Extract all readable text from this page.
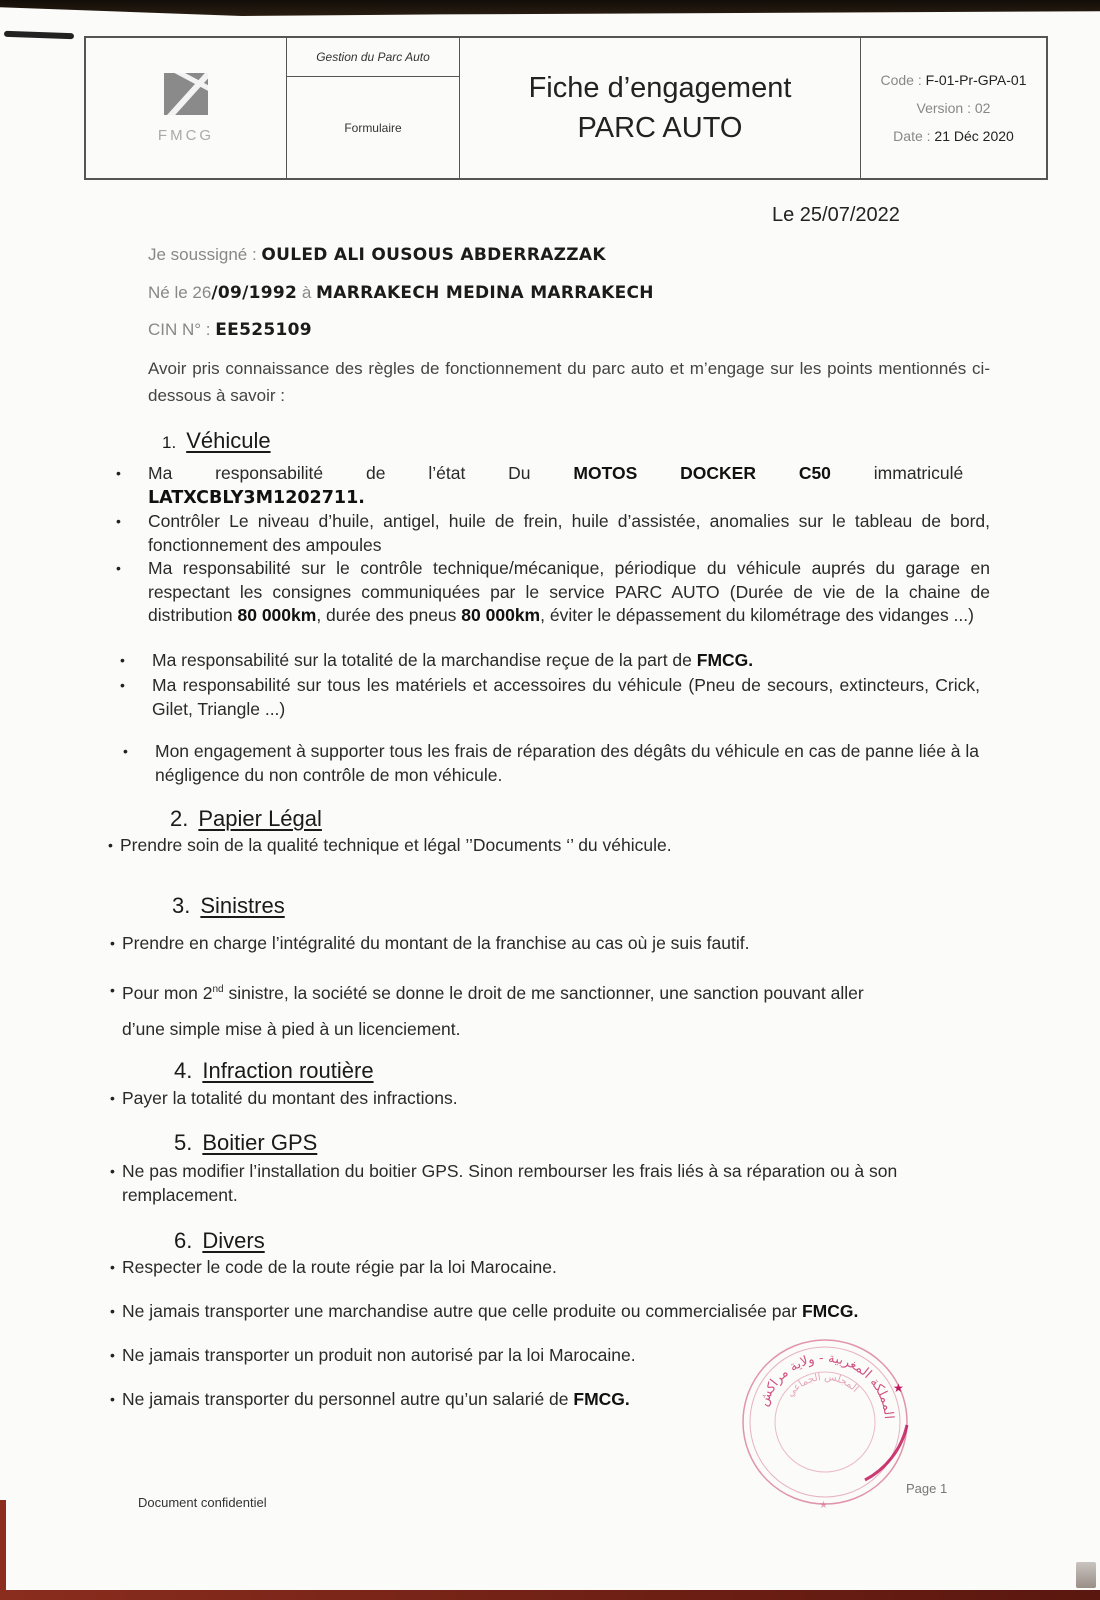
FMCG
Gestion du Parc Auto
Formulaire
Fiche d’engagement
PARC AUTO
Code : F-01-Pr-GPA-01
Version : 02
Date : 21 Déc 2020
Le 25/07/2022
Je soussigné : OULED ALI OUSOUS ABDERRAZZAK
Né le 26/09/1992 à MARRAKECH MEDINA MARRAKECH
CIN N° : EE525109
Avoir pris connaissance des règles de fonctionnement du parc auto et m’engage sur les points mentionnés ci-dessous à savoir :
1. Véhicule
• Ma responsabilité de l’état Du MOTOS DOCKER C50 immatriculé
LATXCBLY3M1202711.
• Contrôler Le niveau d’huile, antigel, huile de frein, huile d’assistée, anomalies sur le tableau de bord, fonctionnement des ampoules
• Ma responsabilité sur le contrôle technique/mécanique, périodique du véhicule auprés du garage en respectant les consignes communiquées par le service PARC AUTO (Durée de vie de la chaine de distribution 80 000km, durée des pneus 80 000km, éviter le dépassement du kilométrage des vidanges ...)
• Ma responsabilité sur la totalité de la marchandise reçue de la part de FMCG.
• Ma responsabilité sur tous les matériels et accessoires du véhicule (Pneu de secours, extincteurs, Crick, Gilet, Triangle ...)
• Mon engagement à supporter tous les frais de réparation des dégâts du véhicule en cas de panne liée à la négligence du non contrôle de mon véhicule.
2. Papier Légal
• Prendre soin de la qualité technique et légal ’’Documents ‘’ du véhicule.
3. Sinistres
• Prendre en charge l’intégralité du montant de la franchise au cas où je suis fautif.
• Pour mon 2nd sinistre, la société se donne le droit de me sanctionner, une sanction pouvant aller
d’une simple mise à pied à un licenciement.
4. Infraction routière
• Payer la totalité du montant des infractions.
5. Boitier GPS
• Ne pas modifier l’installation du boitier GPS. Sinon rembourser les frais liés à sa réparation ou à son remplacement.
6. Divers
• Respecter le code de la route régie par la loi Marocaine.
• Ne jamais transporter une marchandise autre que celle produite ou commercialisée par FMCG.
• Ne jamais transporter un produit non autorisé par la loi Marocaine.
• Ne jamais transporter du personnel autre qu’un salarié de FMCG.	المملكة المغربية - ولاية مراكش
المجلس الجماعي	★
★
Document confidentiel
Page 1
